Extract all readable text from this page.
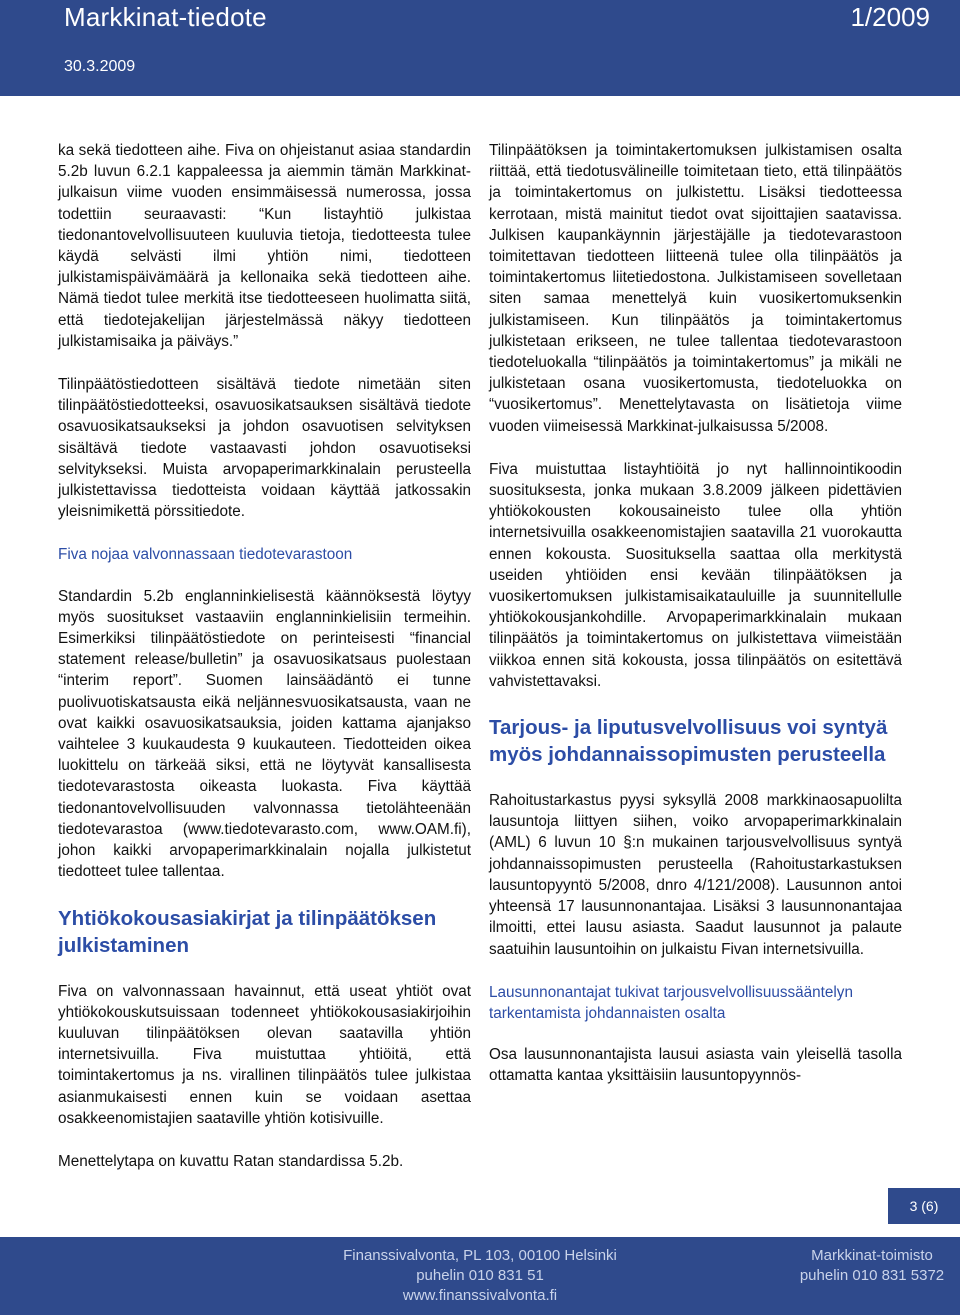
Markkinat-tiedote	1/2009
30.3.2009

ka sekä tiedotteen aihe. Fiva on ohjeistanut asiaa standardin 5.2b luvun 6.2.1 kappaleessa ja aiemmin tämän Markkinat-julkaisun viime vuoden ensimmäisessä numerossa, jossa todettiin seuraavasti: “Kun listayhtiö julkistaa tiedonantovelvollisuuteen kuuluvia tietoja, tiedotteesta tulee käydä selvästi ilmi yhtiön nimi, tiedotteen julkistamispäivämäärä ja kellonaika sekä tiedotteen aihe. Nämä tiedot tulee merkitä itse tiedotteeseen huolimatta siitä, että tiedotejakelijan järjestelmässä näkyy tiedotteen julkistamisaika ja päiväys.”

Tilinpäätöstiedotteen sisältävä tiedote nimetään siten tilinpäätöstiedotteeksi, osavuosikatsauksen sisältävä tiedote osavuosikatsaukseksi ja johdon osavuotisen selvityksen sisältävä tiedote vastaavasti johdon osavuotiseksi selvitykseksi. Muista arvopaperimarkkinalain perusteella julkistettavissa tiedotteista voidaan käyttää jatkossakin yleisnimikettä pörssitiedote.

Fiva nojaa valvonnassaan tiedotevarastoon

Standardin 5.2b englanninkielisestä käännöksestä löytyy myös suositukset vastaaviin englanninkielisiin termeihin. Esimerkiksi tilinpäätöstiedote on perinteisesti “financial statement release/bulletin” ja osavuosikatsaus puolestaan “interim report”. Suomen lainsäädäntö ei tunne puolivuotiskatsausta eikä neljännesvuosikatsausta, vaan ne ovat kaikki osavuosikatsauksia, joiden kattama ajanjakso vaihtelee 3 kuukaudesta 9 kuukauteen. Tiedotteiden oikea luokittelu on tärkeää siksi, että ne löytyvät kansallisesta tiedotevarastosta oikeasta luokasta. Fiva käyttää tiedonantovelvollisuuden valvonnassa tietolähteenään tiedotevarastoa (www.tiedotevarasto.com, www.OAM.fi), johon kaikki arvopaperimarkkinalain nojalla julkistetut tiedotteet tulee tallentaa.

Yhtiökokousasiakirjat ja tilinpäätöksen julkistaminen

Fiva on valvonnassaan havainnut, että useat yhtiöt ovat yhtiökokouskutsuissaan todenneet yhtiökokousasiakirjoihin kuuluvan tilinpäätöksen olevan saatavilla yhtiön internetsivuilla. Fiva muistuttaa yhtiöitä, että toimintakertomus ja ns. virallinen tilinpäätös tulee julkistaa asianmukaisesti ennen kuin se voidaan asettaa osakkeenomistajien saataville yhtiön kotisivuille.

Menettelytapa on kuvattu Ratan standardissa 5.2b.

Tilinpäätöksen ja toimintakertomuksen julkistamisen osalta riittää, että tiedotusvälineille toimitetaan tieto, että tilinpäätös ja toimintakertomus on julkistettu. Lisäksi tiedotteessa kerrotaan, mistä mainitut tiedot ovat sijoittajien saatavissa. Julkisen kaupankäynnin järjestäjälle ja tiedotevarastoon toimitettavan tiedotteen liitteenä tulee olla tilinpäätös ja toimintakertomus liitetiedostona. Julkistamiseen sovelletaan siten samaa menettelyä kuin vuosikertomuksenkin julkistamiseen. Kun tilinpäätös ja toimintakertomus julkistetaan erikseen, ne tulee tallentaa tiedotevarastoon tiedoteluokalla “tilinpäätös ja toimintakertomus” ja mikäli ne julkistetaan osana vuosikertomusta, tiedoteluokka on “vuosikertomus”. Menettelytavasta on lisätietoja viime vuoden viimeisessä Markkinat-julkaisussa 5/2008.

Fiva muistuttaa listayhtiöitä jo nyt hallinnointikoodin suosituksesta, jonka mukaan 3.8.2009 jälkeen pidettävien yhtiökokousten kokousaineisto tulee olla yhtiön internetsivuilla osakkeenomistajien saatavilla 21 vuorokautta ennen kokousta. Suosituksella saattaa olla merkitystä useiden yhtiöiden ensi kevään tilinpäätöksen ja vuosikertomuksen julkistamisaikatauluille ja suunnitellulle yhtiökokousjankohdille. Arvopaperimarkkinalain mukaan tilinpäätös ja toimintakertomus on julkistettava viimeistään viikkoa ennen sitä kokousta, jossa tilinpäätös on esitettävä vahvistettavaksi.

Tarjous- ja liputusvelvollisuus voi syntyä myös johdannaissopimusten perusteella

Rahoitustarkastus pyysi syksyllä 2008 markkinaosapuolilta lausuntoja liittyen siihen, voiko arvopaperimarkkinalain (AML) 6 luvun 10 §:n mukainen tarjousvelvollisuus syntyä johdannaissopimusten perusteella (Rahoitustarkastuksen lausuntopyyntö 5/2008, dnro 4/121/2008). Lausunnon antoi yhteensä 17 lausunnonantajaa. Lisäksi 3 lausunnonantajaa ilmoitti, ettei lausu asiasta. Saadut lausunnot ja palaute saatuihin lausuntoihin on julkaistu Fivan internetsivuilla.

Lausunnonantajat tukivat tarjousvelvollisuussääntelyn tarkentamista johdannaisten osalta

Osa lausunnonantajista lausui asiasta vain yleisellä tasolla ottamatta kantaa yksittäisiin lausuntopyynnös-

3 (6)
Finanssivalvonta, PL 103, 00100 Helsinki
puhelin 010 831 51
www.finanssivalvonta.fi
Markkinat-toimisto
puhelin 010 831 5372
